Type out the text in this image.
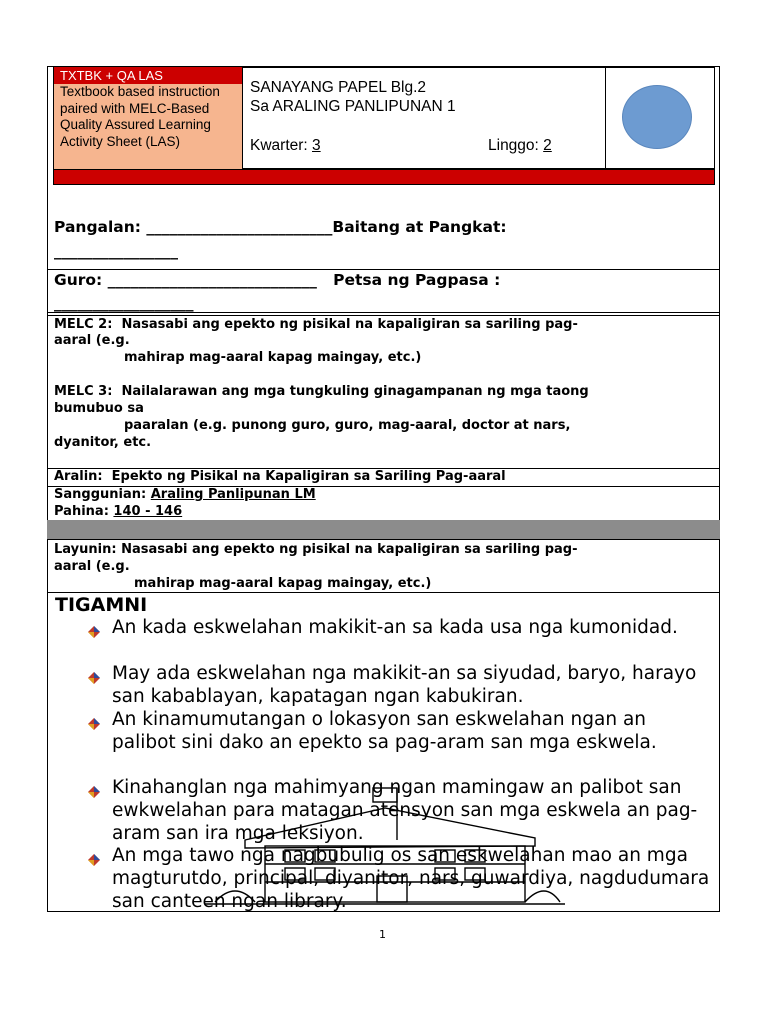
TXTBK + QA LAS
Textbook based instruction paired with MELC-Based Quality Assured Learning Activity Sheet (LAS)
SANAYANG PAPEL Blg.2
Sa ARALING PANLIPUNAN 1
Kwarter: 3	Linggo: 2
Pangalan: ________________________Baitang at Pangkat:
________________
Guro: ___________________________   Petsa ng Pagpasa :
__________________
MELC 2:  Nasasabi ang epekto ng pisikal na kapaligiran sa sariling pag-
aaral (e.g.
mahirap mag-aaral kapag maingay, etc.)
MELC 3:  Nailalarawan ang mga tungkuling ginagampanan ng mga taong
bumubuo sa
paaralan (e.g. punong guro, guro, mag-aaral, doctor at nars,
dyanitor, etc.
Aralin:  Epekto ng Pisikal na Kapaligiran sa Sariling Pag-aaral
Sanggunian: Araling Panlipunan LM
Pahina: 140 - 146
Layunin: Nasasabi ang epekto ng pisikal na kapaligiran sa sariling pag-
aaral (e.g.
mahirap mag-aaral kapag maingay, etc.)
TIGAMNI
An kada eskwelahan makikit-an sa kada usa nga kumonidad.
May ada eskwelahan nga makikit-an sa siyudad, baryo, harayo san kabablayan, kapatagan ngan kabukiran.
An kinamumutangan o lokasyon san eskwelahan ngan an palibot sini dako an epekto sa pag-aram san mga eskwela.
Kinahanglan nga mahimyang ngan mamingaw an palibot san ewkwelahan para matagan atensyon san mga eskwela an pag-aram san ira mga leksiyon.
An mga tawo nga nagbubulig os san eskwelahan mao an mga magturutdo, principal, diyanitor, nars, guwardiya, nagdudumara san canteen ngan library.
1
